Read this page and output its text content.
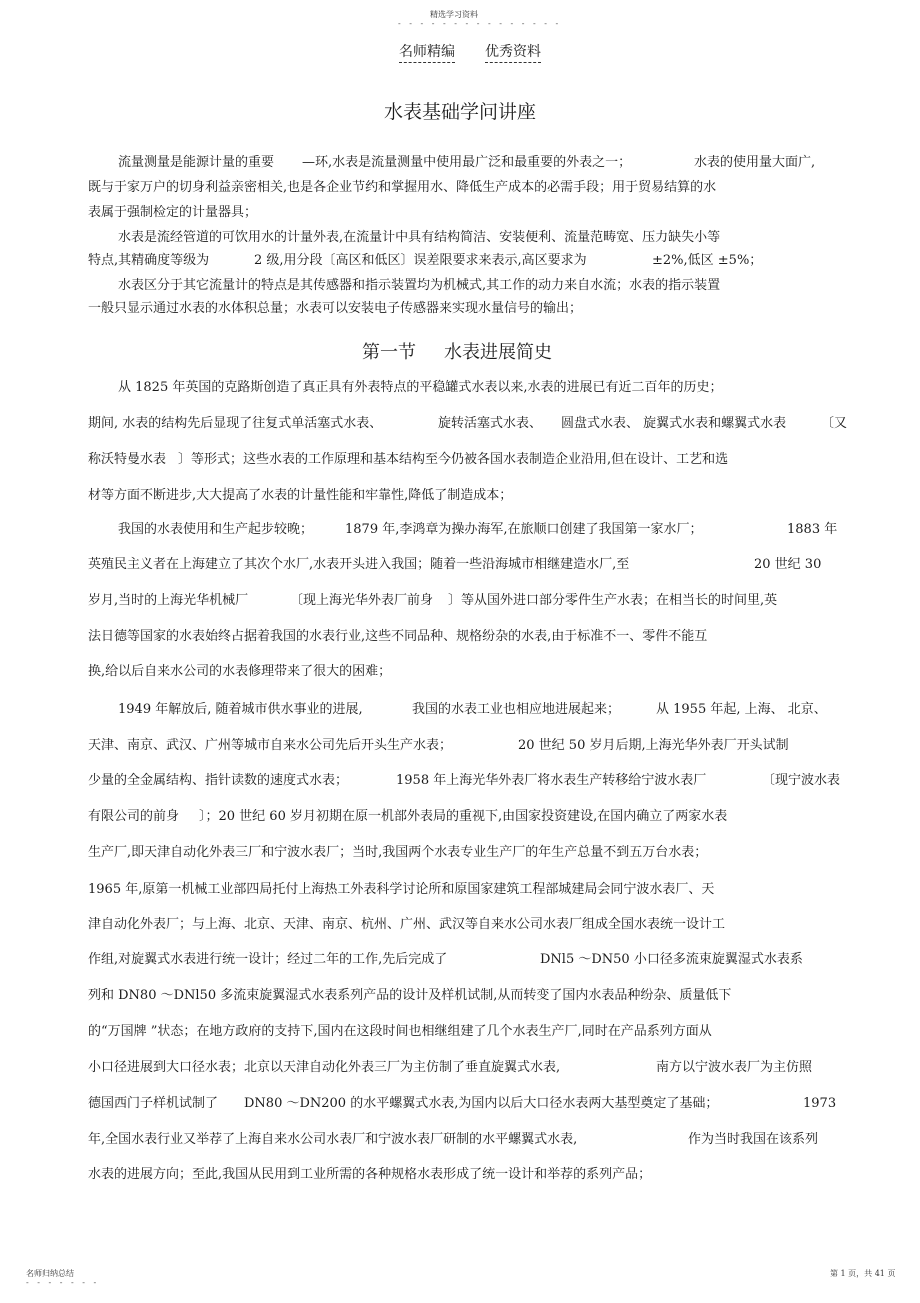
精选学习资料
- - - - - - - - - - - - - - -
名师精编 优秀资料
水表基础学问讲座
流量测量是能源计量的重要 —环,水表是流量测量中使用最广泛和最重要的外表之一；	水表的使用量大面广,
既与于家万户的切身利益亲密相关,也是各企业节约和掌握用水、降低生产成本的必需手段；用于贸易结算的水
表属于强制检定的计量器具；
水表是流经管道的可饮用水的计量外表,在流量计中具有结构简洁、安装便利、流量范畴宽、压力缺失小等
特点,其精确度等级为	2 级,用分段〔高区和低区〕误差限要求来表示,高区要求为	±2%,低区 ±5%；
水表区分于其它流量计的特点是其传感器和指示装置均为机械式,其工作的动力来自水流；水表的指示装置
一般只显示通过水表的水体积总量；水表可以安装电子传感器来实现水量信号的输出；
第一节 水表进展简史
从 1825 年英国的克路斯创造了真正具有外表特点的平稳罐式水表以来,水表的进展已有近二百年的历史；
期间, 水表的结构先后显现了往复式单活塞式水表、	旋转活塞式水表、 圆盘式水表、 旋翼式水表和螺翼式水表	〔又
称沃特曼水表 〕等形式；这些水表的工作原理和基本结构至今仍被各国水表制造企业沿用,但在设计、工艺和选
材等方面不断进步,大大提高了水表的计量性能和牢靠性,降低了制造成本；
我国的水表使用和生产起步较晚； 1879 年,李鸿章为操办海军,在旅顺口创建了我国第一家水厂；	1883 年
英殖民主义者在上海建立了其次个水厂,水表开头进入我国；随着一些沿海城市相继建造水厂,至	20 世纪 30
岁月,当时的上海光华机械厂	〔现上海光华外表厂前身 〕等从国外进口部分零件生产水表；在相当长的时间里,英
法日德等国家的水表始终占据着我国的水表行业,这些不同品种、规格纷杂的水表,由于标准不一、零件不能互
换,给以后自来水公司的水表修理带来了很大的困难；
1949 年解放后, 随着城市供水事业的进展,	我国的水表工业也相应地进展起来；	从 1955 年起, 上海、 北京、
天津、南京、武汉、广州等城市自来水公司先后开头生产水表；	20 世纪 50 岁月后期,上海光华外表厂开头试制
少量的全金属结构、指针读数的速度式水表；	1958 年上海光华外表厂将水表生产转移给宁波水表厂	〔现宁波水表
有限公司的前身 〕；20 世纪 60 岁月初期在原一机部外表局的重视下,由国家投资建设,在国内确立了两家水表
生产厂,即天津自动化外表三厂和宁波水表厂；当时,我国两个水表专业生产厂的年生产总量不到五万台水表；
1965 年,原第一机械工业部四局托付上海热工外表科学讨论所和原国家建筑工程部城建局会同宁波水表厂、天
津自动化外表厂；与上海、北京、天津、南京、杭州、广州、武汉等自来水公司水表厂组成全国水表统一设计工
作组,对旋翼式水表进行统一设计；经过二年的工作,先后完成了	DNl5 ～DN50 小口径多流束旋翼湿式水表系
列和 DN80 ～DNl50 多流束旋翼湿式水表系列产品的设计及样机试制,从而转变了国内水表品种纷杂、质量低下
的“万国牌 ”状态；在地方政府的支持下,国内在这段时间也相继组建了几个水表生产厂,同时在产品系列方面从
小口径进展到大口径水表；北京以天津自动化外表三厂为主仿制了垂直旋翼式水表,	南方以宁波水表厂为主仿照
德国西门子样机试制了 DN80 ～DN200 的水平螺翼式水表,为国内以后大口径水表两大基型奠定了基础；	1973
年,全国水表行业又举荐了上海自来水公司水表厂和宁波水表厂研制的水平螺翼式水表,	作为当时我国在该系列
水表的进展方向；至此,我国从民用到工业所需的各种规格水表形成了统一设计和举荐的系列产品；
名师归纳总结
- - - - - - -
第 1 页，共 41 页
